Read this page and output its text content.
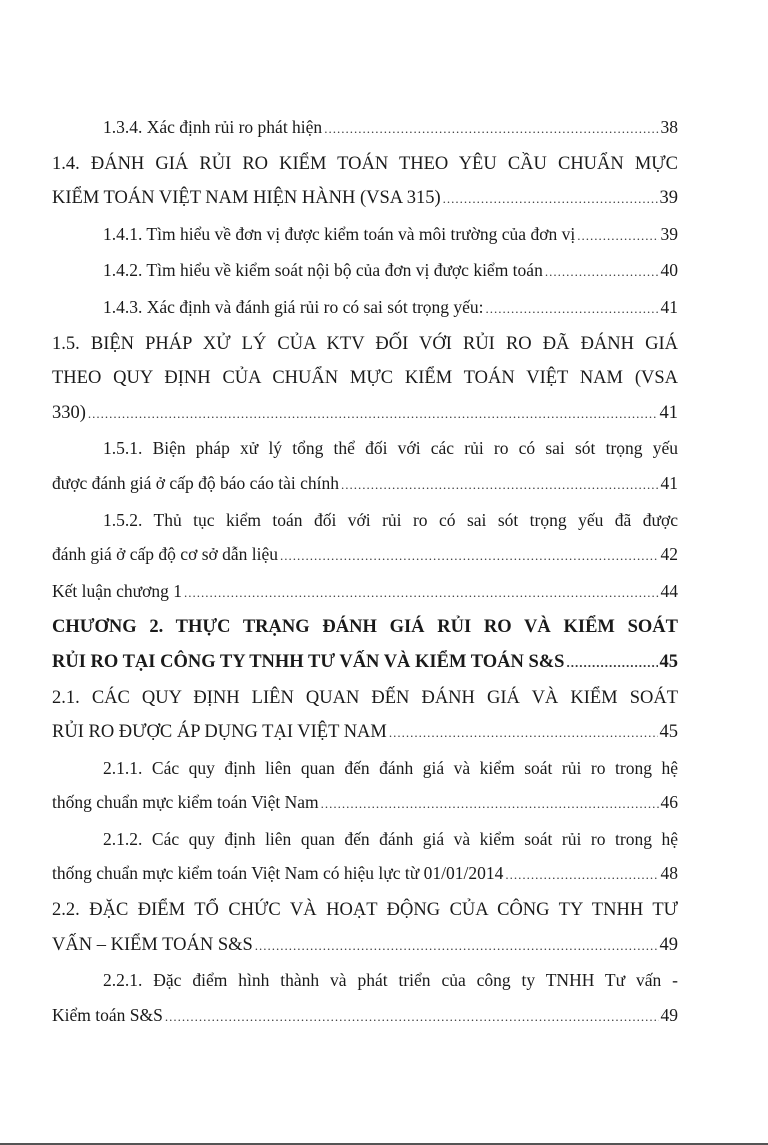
1.3.4. Xác định rủi ro phát hiện .....	38
1.4. ĐÁNH GIÁ RỦI RO KIỂM TOÁN THEO YÊU CẦU CHUẨN MỰC
KIỂM TOÁN VIỆT NAM HIỆN HÀNH (VSA 315) .....	39
1.4.1. Tìm hiểu về đơn vị được kiểm toán và môi trường của đơn vị .....	39
1.4.2. Tìm hiểu về kiểm soát nội bộ của đơn vị được kiểm toán .....	40
1.4.3. Xác định và đánh giá rủi ro có sai sót trọng yếu: .....	41
1.5. BIỆN PHÁP XỬ LÝ CỦA KTV ĐỐI VỚI RỦI RO ĐÃ ĐÁNH GIÁ
THEO QUY ĐỊNH CỦA CHUẨN MỰC KIỂM TOÁN VIỆT NAM (VSA
330) .....	41
1.5.1. Biện pháp xử lý tổng thể đối với các rủi ro có sai sót trọng yếu
được đánh giá ở cấp độ báo cáo tài chính .....	41
1.5.2. Thủ tục kiểm toán đối với rủi ro có sai sót trọng yếu đã được
đánh giá ở cấp độ cơ sở dẫn liệu .....	42
Kết luận chương 1 .....	44
CHƯƠNG 2. THỰC TRẠNG ĐÁNH GIÁ RỦI RO VÀ KIỂM SOÁT
RỦI RO TẠI CÔNG TY TNHH TƯ VẤN VÀ KIỂM TOÁN S&S .....	45
2.1. CÁC QUY ĐỊNH LIÊN QUAN ĐẾN ĐÁNH GIÁ VÀ KIỂM SOÁT
RỦI RO ĐƯỢC ÁP DỤNG TẠI VIỆT NAM .....	45
2.1.1. Các quy định liên quan đến đánh giá và kiểm soát rủi ro trong hệ
thống chuẩn mực kiểm toán Việt Nam .....	46
2.1.2. Các quy định liên quan đến đánh giá và kiểm soát rủi ro trong hệ
thống chuẩn mực kiểm toán Việt Nam có hiệu lực từ 01/01/2014 .....	48
2.2. ĐẶC ĐIỂM TỔ CHỨC VÀ HOẠT ĐỘNG CỦA CÔNG TY TNHH TƯ
VẤN – KIỂM TOÁN S&S .....	49
2.2.1. Đặc điểm hình thành và phát triển của công ty TNHH Tư vấn -
Kiểm toán S&S .....	49
